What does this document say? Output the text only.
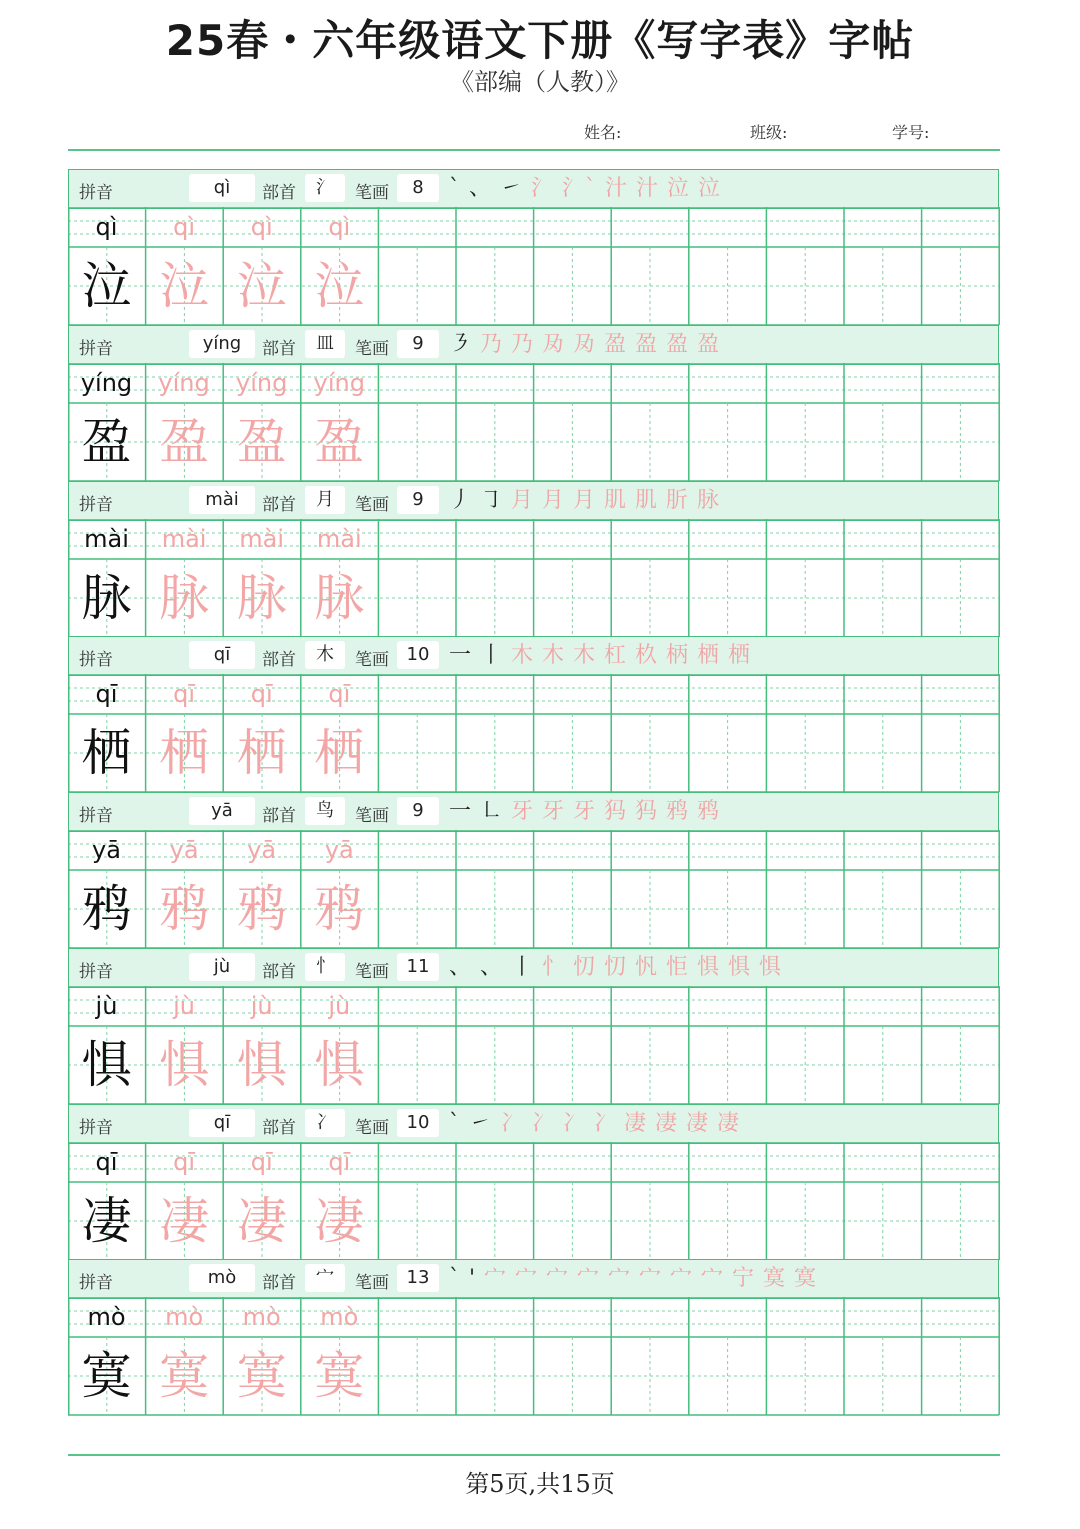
25春・六年级语文下册《写字表》字帖
《部编（人教）》
姓名:	班级:	学号:
拼音	qì	部首	氵	笔画	8	` 、 ㇀ 氵 氵` 汁 汁 泣 泣
qì
泣
qì
泣
qì
泣
qì
泣
拼音	yíng	部首	皿	笔画	9	㇋ 乃 乃 夃 夃 盈 盈 盈 盈
yíng
盈
yíng
盈
yíng
盈
yíng
盈
拼音	mài	部首	月	笔画	9	丿 ㇆ 月 月 月 肌 肌 肵 脉
mài
脉
mài
脉
mài
脉
mài
脉
拼音	qī	部首	木	笔画 10 一 丨 木 木 木 杠 杦 柄 栖 栖
qī
栖
qī
栖
qī
栖
qī
栖
拼音	yā	部首	鸟	笔画	9	一 ㇗ 牙 牙 牙 犸 犸 鸦 鸦
yā
鸦
yā
鸦
yā
鸦
yā
鸦
拼音	jù	部首	忄	笔画 11 、 、 丨 忄 忉 忉 忛 怇 惧 惧 惧
jù
惧
jù
惧
jù
惧
jù
惧
拼音	qī	部首	冫	笔画 10 ` ㇀ 冫 冫 冫 冫 凄 凄 凄 凄
qī
凄
qī
凄
qī
凄
qī
凄
拼音	mò	部首	宀	笔画 13 ` ' 宀 宀 宀 宀 宀 宀 宀 宀 宁 寞 寞
mò
寞
mò
寞
mò
寞
mò
寞
第5页,共15页
